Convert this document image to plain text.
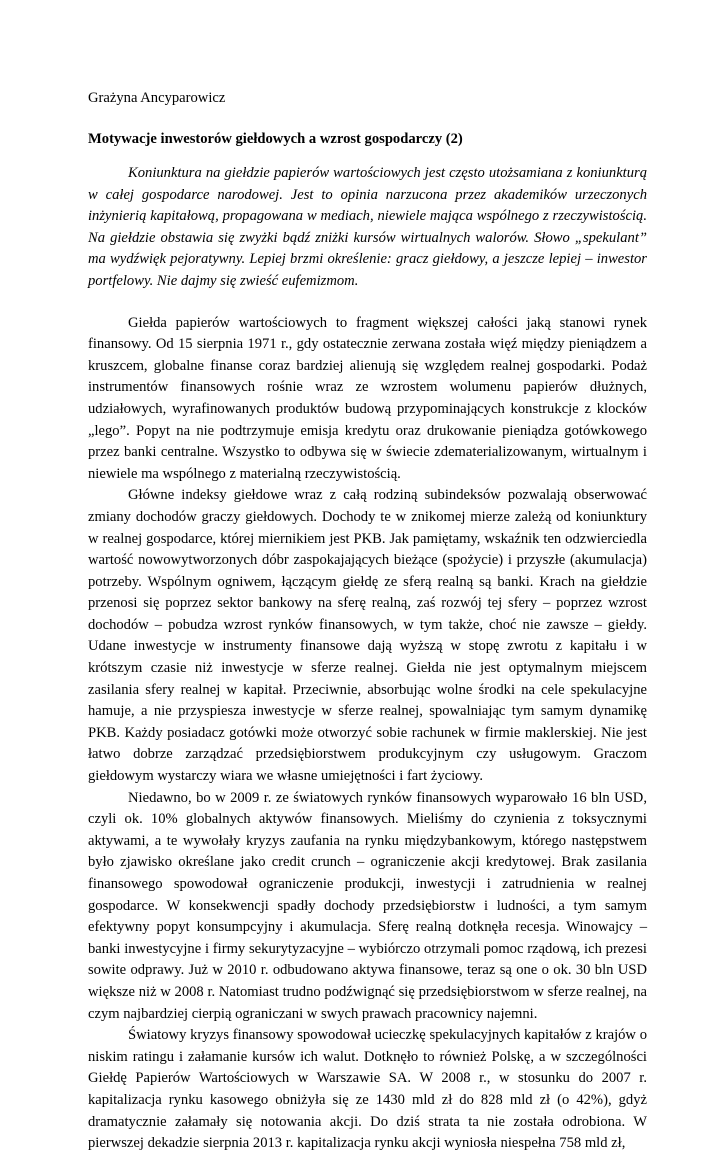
Grażyna Ancyparowicz

Motywacje inwestorów giełdowych a wzrost gospodarczy (2)

Koniunktura na giełdzie papierów wartościowych jest często utożsamiana z koniunkturą w całej gospodarce narodowej. Jest to opinia narzucona przez akademików urzeczonych inżynierią kapitałową, propagowana w mediach, niewiele mająca wspólnego z rzeczywistością. Na giełdzie obstawia się zwyżki bądź zniżki kursów wirtualnych walorów. Słowo „spekulant” ma wydźwięk pejoratywny. Lepiej brzmi określenie: gracz giełdowy, a jeszcze lepiej – inwestor portfelowy. Nie dajmy się zwieść eufemizmom.

Giełda papierów wartościowych to fragment większej całości jaką stanowi rynek finansowy. Od 15 sierpnia 1971 r., gdy ostatecznie zerwana została więź między pieniądzem a kruszcem, globalne finanse coraz bardziej alienują się względem realnej gospodarki. Podaż instrumentów finansowych rośnie wraz ze wzrostem wolumenu papierów dłużnych, udziałowych, wyrafinowanych produktów budową przypominających konstrukcje z klocków „lego”. Popyt na nie podtrzymuje emisja kredytu oraz drukowanie pieniądza gotówkowego przez banki centralne. Wszystko to odbywa się w świecie zdematerializowanym, wirtualnym i niewiele ma wspólnego z materialną rzeczywistością.

Główne indeksy giełdowe wraz z całą rodziną subindeksów pozwalają obserwować zmiany dochodów graczy giełdowych. Dochody te w znikomej mierze zależą od koniunktury w realnej gospodarce, której miernikiem jest PKB. Jak pamiętamy, wskaźnik ten odzwierciedla wartość nowowytworzonych dóbr zaspokajających bieżące (spożycie) i przyszłe (akumulacja) potrzeby. Wspólnym ogniwem, łączącym giełdę ze sferą realną są banki. Krach na giełdzie przenosi się poprzez sektor bankowy na sferę realną, zaś rozwój tej sfery – poprzez wzrost dochodów – pobudza wzrost rynków finansowych, w tym także, choć nie zawsze – giełdy. Udane inwestycje w instrumenty finansowe dają wyższą w stopę zwrotu z kapitału i w krótszym czasie niż inwestycje w sferze realnej. Giełda nie jest optymalnym miejscem zasilania sfery realnej w kapitał. Przeciwnie, absorbując wolne środki na cele spekulacyjne hamuje, a nie przyspiesza inwestycje w sferze realnej, spowalniając tym samym dynamikę PKB. Każdy posiadacz gotówki może otworzyć sobie rachunek w firmie maklerskiej. Nie jest łatwo dobrze zarządzać przedsiębiorstwem produkcyjnym czy usługowym. Graczom giełdowym wystarczy wiara we własne umiejętności i fart życiowy.

Niedawno, bo w 2009 r. ze światowych rynków finansowych wyparowało 16 bln USD, czyli ok. 10% globalnych aktywów finansowych. Mieliśmy do czynienia z toksycznymi aktywami, a te wywołały kryzys zaufania na rynku międzybankowym, którego następstwem było zjawisko określane jako credit crunch – ograniczenie akcji kredytowej. Brak zasilania finansowego spowodował ograniczenie produkcji, inwestycji i zatrudnienia w realnej gospodarce. W konsekwencji spadły dochody przedsiębiorstw i ludności, a tym samym efektywny popyt konsumpcyjny i akumulacja. Sferę realną dotknęła recesja. Winowajcy – banki inwestycyjne i firmy sekurytyzacyjne – wybiórczo otrzymali pomoc rządową, ich prezesi sowite odprawy. Już w 2010 r. odbudowano aktywa finansowe, teraz są one o ok. 30 bln USD większe niż w 2008 r. Natomiast trudno podźwignąć się przedsiębiorstwom w sferze realnej, na czym najbardziej cierpią ograniczani w swych prawach pracownicy najemni.

Światowy kryzys finansowy spowodował ucieczkę spekulacyjnych kapitałów z krajów o niskim ratingu i załamanie kursów ich walut. Dotknęło to również Polskę, a w szczególności Giełdę Papierów Wartościowych w Warszawie SA. W 2008 r., w stosunku do 2007 r. kapitalizacja rynku kasowego obniżyła się ze 1430 mld zł do 828 mld zł (o 42%), gdyż dramatycznie załamały się notowania akcji. Do dziś strata ta nie została odrobiona. W pierwszej dekadzie sierpnia 2013 r. kapitalizacja rynku akcji wyniosła niespełna 758 mld zł,
